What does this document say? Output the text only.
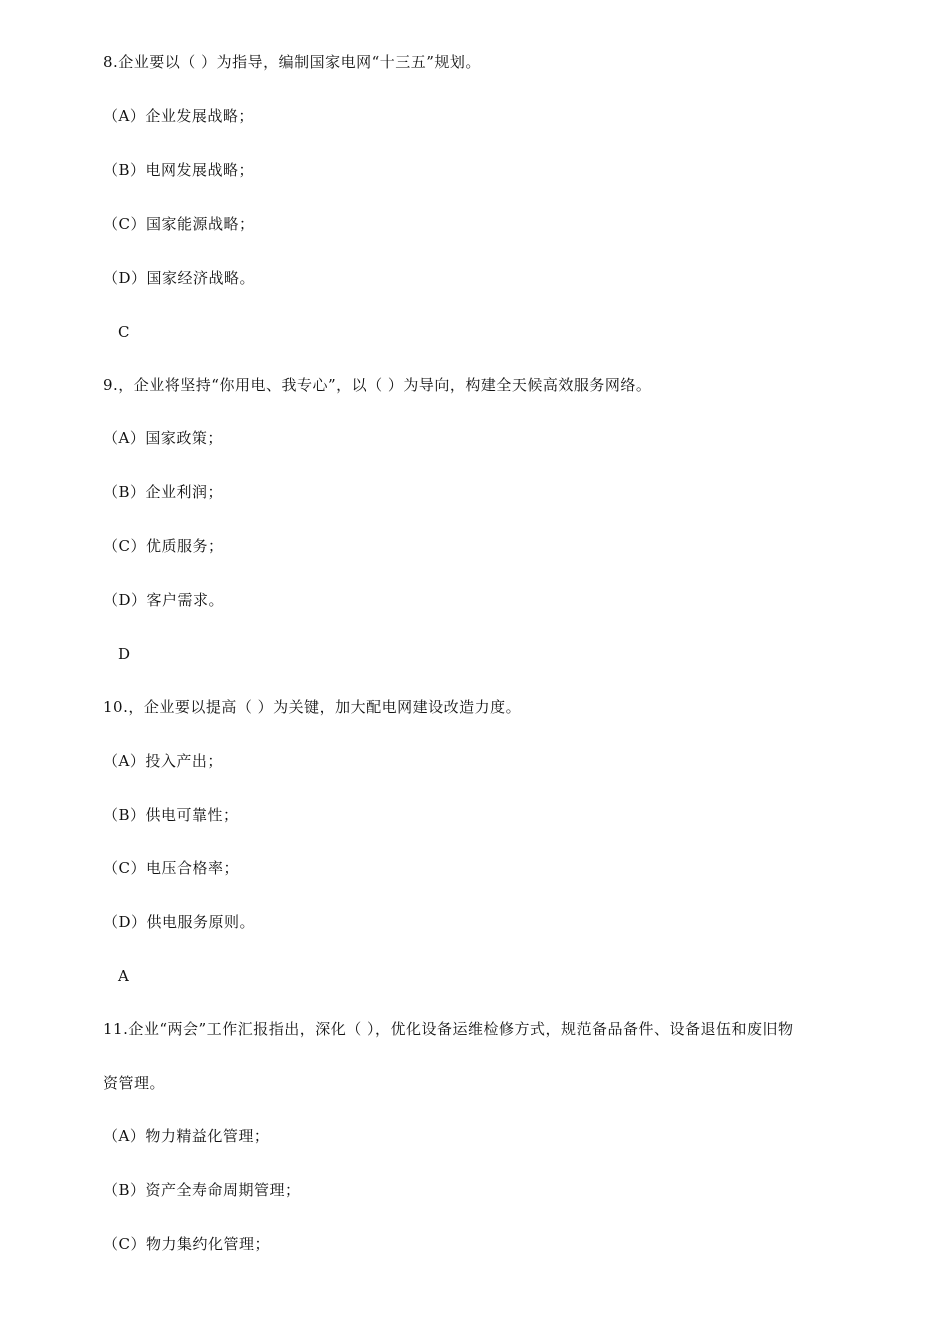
8.企业要以（ ）为指导，编制国家电网“十三五”规划。
（A）企业发展战略；
（B）电网发展战略；
（C）国家能源战略；
（D）国家经济战略。
C
9.，企业将坚持“你用电、我专心”，以（ ）为导向，构建全天候高效服务网络。
（A）国家政策；
（B）企业利润；
（C）优质服务；
（D）客户需求。
D
10.，企业要以提高（ ）为关键，加大配电网建设改造力度。
（A）投入产出；
（B）供电可靠性；
（C）电压合格率；
（D）供电服务原则。
A
11.企业“两会”工作汇报指出，深化（ ），优化设备运维检修方式，规范备品备件、设备退伍和废旧物
资管理。
（A）物力精益化管理；
（B）资产全寿命周期管理；
（C）物力集约化管理；
